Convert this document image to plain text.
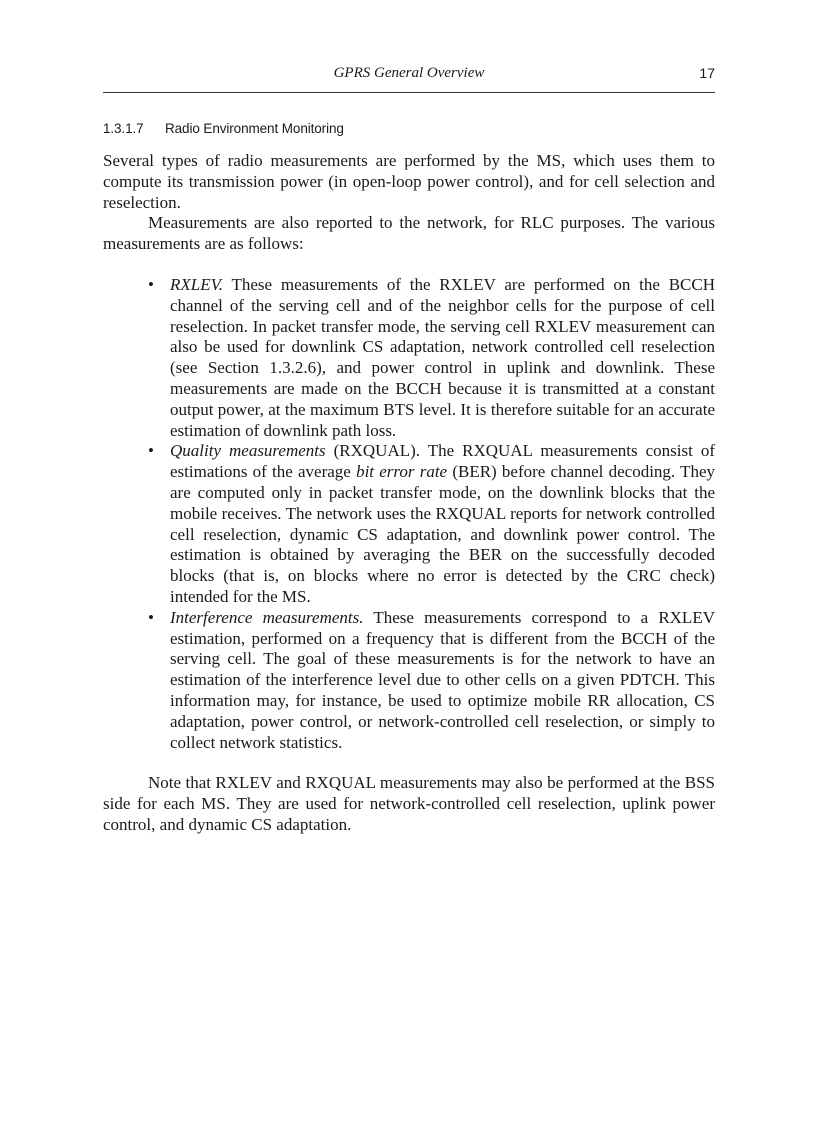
GPRS General Overview	17
1.3.1.7 Radio Environment Monitoring

Several types of radio measurements are performed by the MS, which uses them to compute its transmission power (in open-loop power control), and for cell selection and reselection.

Measurements are also reported to the network, for RLC purposes. The various measurements are as follows:

• RXLEV. These measurements of the RXLEV are performed on the BCCH channel of the serving cell and of the neighbor cells for the purpose of cell reselection. In packet transfer mode, the serving cell RXLEV measurement can also be used for downlink CS adaptation, network controlled cell reselection (see Section 1.3.2.6), and power control in uplink and downlink. These measurements are made on the BCCH because it is transmitted at a constant output power, at the maximum BTS level. It is therefore suitable for an accurate estimation of downlink path loss.
• Quality measurements (RXQUAL). The RXQUAL measurements consist of estimations of the average bit error rate (BER) before channel decoding. They are computed only in packet transfer mode, on the downlink blocks that the mobile receives. The network uses the RXQUAL reports for network controlled cell reselection, dynamic CS adaptation, and downlink power control. The estimation is obtained by averaging the BER on the successfully decoded blocks (that is, on blocks where no error is detected by the CRC check) intended for the MS.
• Interference measurements. These measurements correspond to a RXLEV estimation, performed on a frequency that is different from the BCCH of the serving cell. The goal of these measurements is for the network to have an estimation of the interference level due to other cells on a given PDTCH. This information may, for instance, be used to optimize mobile RR allocation, CS adaptation, power control, or network-controlled cell reselection, or simply to collect network statistics.

Note that RXLEV and RXQUAL measurements may also be performed at the BSS side for each MS. They are used for network-controlled cell reselection, uplink power control, and dynamic CS adaptation.
